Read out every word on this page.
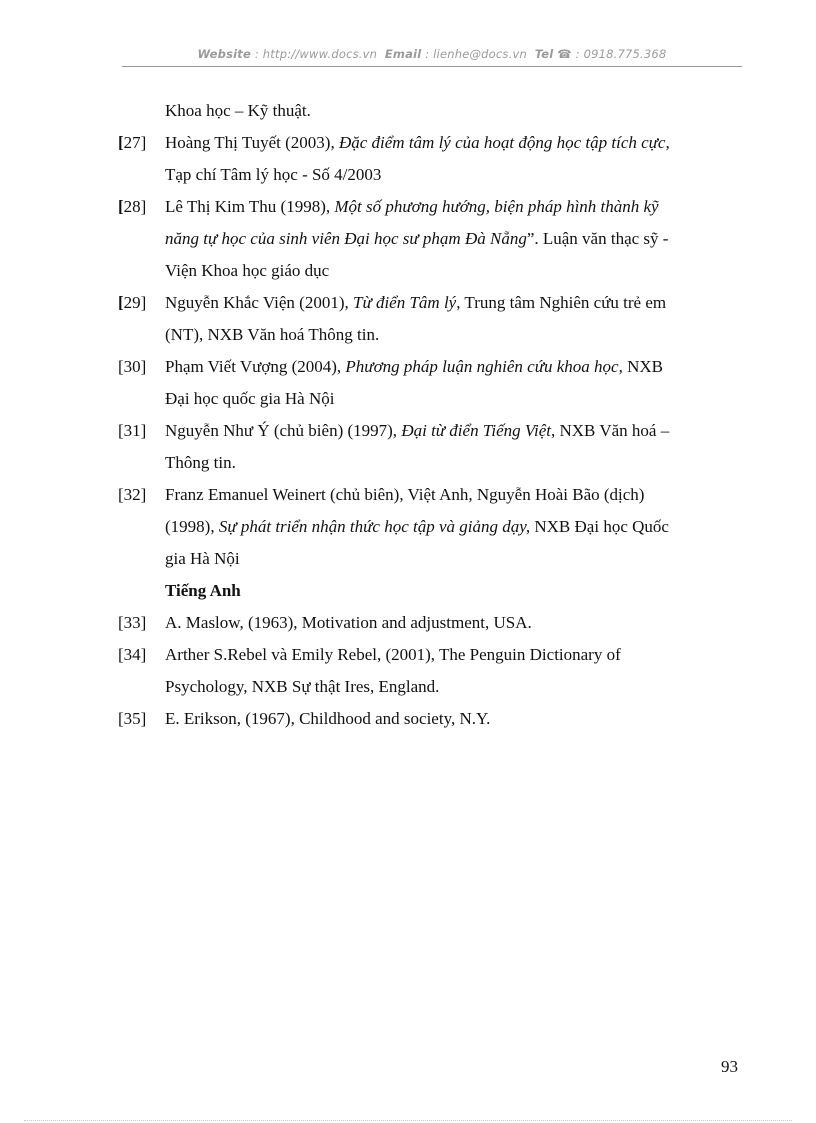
Website : http://www.docs.vn Email : lienhe@docs.vn Tel ☎ : 0918.775.368
Khoa học – Kỹ thuật.
[27]	Hoàng Thị Tuyết (2003), Đặc điểm tâm lý của hoạt động học tập tích cực,
Tạp chí Tâm lý học - Số 4/2003
[28]	Lê Thị Kim Thu (1998), Một số phương hướng, biện pháp hình thành kỹ
năng tự học của sinh viên Đại học sư phạm Đà Nẵng”. Luận văn thạc sỹ -
Viện Khoa học giáo dục
[29]	Nguyễn Khắc Viện (2001), Từ điển Tâm lý, Trung tâm Nghiên cứu trẻ em
(NT), NXB Văn hoá Thông tin.
[30]	Phạm Viết Vượng (2004), Phương pháp luận nghiên cứu khoa học, NXB
Đại học quốc gia Hà Nội
[31]	Nguyễn Như Ý (chủ biên) (1997), Đại từ điển Tiếng Việt, NXB Văn hoá –
Thông tin.
[32]	Franz Emanuel Weinert (chủ biên), Việt Anh, Nguyễn Hoài Bão (dịch)
(1998), Sự phát triển nhận thức học tập và giảng dạy, NXB Đại học Quốc
gia Hà Nội
Tiếng Anh
[33]	A. Maslow, (1963), Motivation and adjustment, USA.
[34]	Arther S.Rebel và Emily Rebel, (2001), The Penguin Dictionary of
Psychology, NXB Sự thật Ires, England.
[35]	E. Erikson, (1967), Childhood and society, N.Y.
93
